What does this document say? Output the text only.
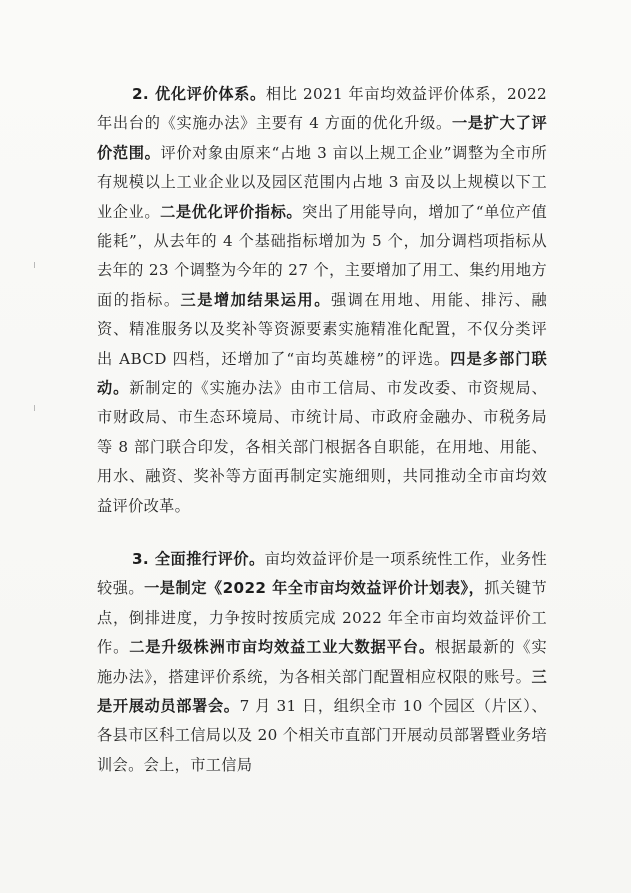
2. 优化评价体系。相比 2021 年亩均效益评价体系，2022 年出台的《实施办法》主要有 4 方面的优化升级。一是扩大了评价范围。评价对象由原来“占地 3 亩以上规工企业”调整为全市所有规模以上工业企业以及园区范围内占地 3 亩及以上规模以下工业企业。二是优化评价指标。突出了用能导向，增加了“单位产值能耗”，从去年的 4 个基础指标增加为 5 个，加分调档项指标从去年的 23 个调整为今年的 27 个，主要增加了用工、集约用地方面的指标。三是增加结果运用。强调在用地、用能、排污、融资、精准服务以及奖补等资源要素实施精准化配置，不仅分类评出 ABCD 四档，还增加了“亩均英雄榜”的评选。四是多部门联动。新制定的《实施办法》由市工信局、市发改委、市资规局、市财政局、市生态环境局、市统计局、市政府金融办、市税务局等 8 部门联合印发，各相关部门根据各自职能，在用地、用能、用水、融资、奖补等方面再制定实施细则，共同推动全市亩均效益评价改革。

3. 全面推行评价。亩均效益评价是一项系统性工作，业务性较强。一是制定《2022 年全市亩均效益评价计划表》，抓关键节点，倒排进度，力争按时按质完成 2022 年全市亩均效益评价工作。二是升级株洲市亩均效益工业大数据平台。根据最新的《实施办法》，搭建评价系统，为各相关部门配置相应权限的账号。三是开展动员部署会。7 月 31 日，组织全市 10 个园区（片区）、各县市区科工信局以及 20 个相关市直部门开展动员部署暨业务培训会。会上，市工信局
